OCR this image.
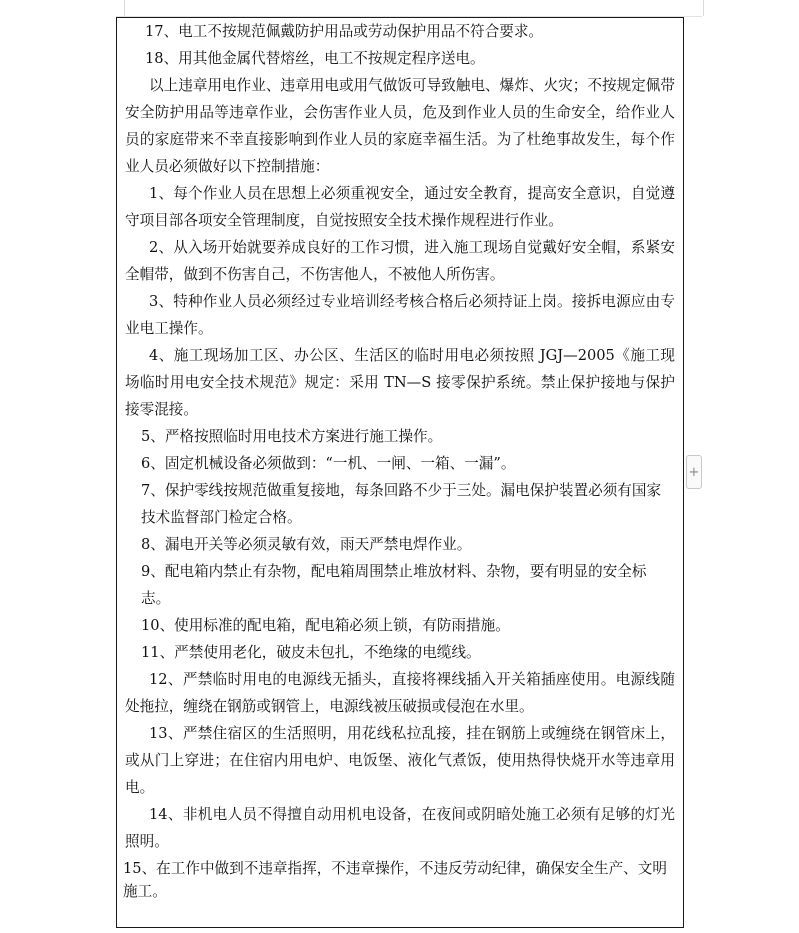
17、电工不按规范佩戴防护用品或劳动保护用品不符合要求。

18、用其他金属代替熔丝，电工不按规定程序送电。

以上违章用电作业、违章用电或用气做饭可导致触电、爆炸、火灾；不按规定佩带安全防护用品等违章作业，会伤害作业人员，危及到作业人员的生命安全，给作业人员的家庭带来不幸直接影响到作业人员的家庭幸福生活。为了杜绝事故发生，每个作业人员必须做好以下控制措施：

1、每个作业人员在思想上必须重视安全，通过安全教育，提高安全意识，自觉遵守项目部各项安全管理制度，自觉按照安全技术操作规程进行作业。

2、从入场开始就要养成良好的工作习惯，进入施工现场自觉戴好安全帽，系紧安全帽带，做到不伤害自己，不伤害他人，不被他人所伤害。

3、特种作业人员必须经过专业培训经考核合格后必须持证上岗。接拆电源应由专业电工操作。

4、施工现场加工区、办公区、生活区的临时用电必须按照 JGJ—2005《施工现场临时用电安全技术规范》规定：采用 TN—S 接零保护系统。禁止保护接地与保护接零混接。

5、严格按照临时用电技术方案进行施工操作。

6、固定机械设备必须做到：“一机、一闸、一箱、一漏”。

7、保护零线按规范做重复接地，每条回路不少于三处。漏电保护装置必须有国家技术监督部门检定合格。

8、漏电开关等必须灵敏有效，雨天严禁电焊作业。

9、配电箱内禁止有杂物，配电箱周围禁止堆放材料、杂物，要有明显的安全标志。

10、使用标准的配电箱，配电箱必须上锁，有防雨措施。

11、严禁使用老化，破皮未包扎，不绝缘的电缆线。

12、严禁临时用电的电源线无插头，直接将裸线插入开关箱插座使用。电源线随处拖拉，缠绕在钢筋或钢管上，电源线被压破损或侵泡在水里。

13、严禁住宿区的生活照明，用花线私拉乱接，挂在钢筋上或缠绕在钢管床上，或从门上穿进；在住宿内用电炉、电饭堡、液化气煮饭，使用热得快烧开水等违章用电。

14、非机电人员不得擅自动用机电设备，在夜间或阴暗处施工必须有足够的灯光照明。

15、在工作中做到不违章指挥，不违章操作，不违反劳动纪律，确保安全生产、文明施工。

+
